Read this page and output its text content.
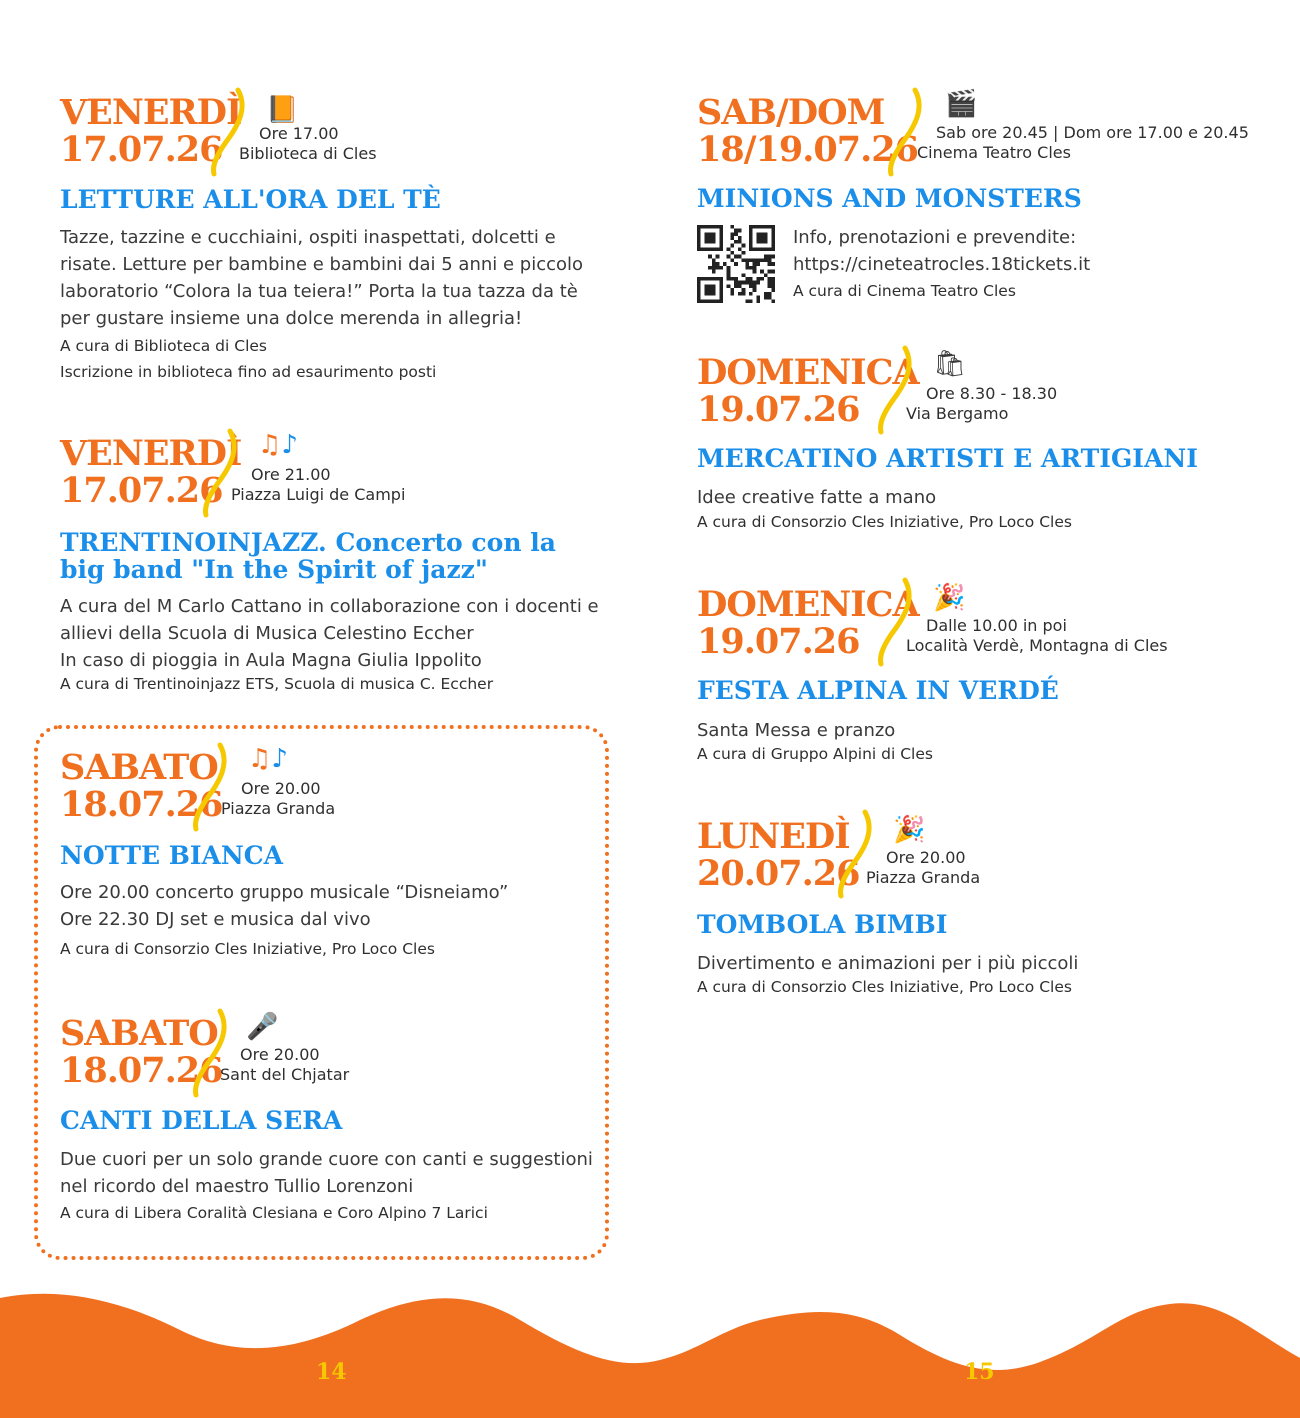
VENERDÌ
17.07.26
📙
Ore 17.00
Biblioteca di Cles
LETTURE ALL'ORA DEL TÈ
Tazze, tazzine e cucchiaini, ospiti inaspettati, dolcetti e risate. Letture per bambine e bambini dai 5 anni e piccolo laboratorio “Colora la tua teiera!” Porta la tua tazza da tè per gustare insieme una dolce merenda in allegria!
A cura di Biblioteca di Cles
Iscrizione in biblioteca fino ad esaurimento posti
VENERDÌ
17.07.26
♫♪
Ore 21.00
Piazza Luigi de Campi
TRENTINOINJAZZ. Concerto con la big band "In the Spirit of jazz"
A cura del M Carlo Cattano in collaborazione con i docenti e allievi della Scuola di Musica Celestino Eccher
In caso di pioggia in Aula Magna Giulia Ippolito
A cura di Trentinoinjazz ETS, Scuola di musica C. Eccher
SABATO
18.07.26
♫♪
Ore 20.00
Piazza Granda
NOTTE BIANCA
Ore 20.00 concerto gruppo musicale “Disneiamo”
Ore 22.30 DJ set e musica dal vivo
A cura di Consorzio Cles Iniziative, Pro Loco Cles
SABATO
18.07.26
🎤
Ore 20.00
Sant del Chjatar
CANTI DELLA SERA
Due cuori per un solo grande cuore con canti e suggestioni nel ricordo del maestro Tullio Lorenzoni
A cura di Libera Coralità Clesiana e Coro Alpino 7 Larici
SAB/DOM
18/19.07.26
🎬
Sab ore 20.45 | Dom ore 17.00 e 20.45
Cinema Teatro Cles
MINIONS AND MONSTERS
Info, prenotazioni e prevendite:
https://cineteatrocles.18tickets.it
A cura di Cinema Teatro Cles
DOMENICA
19.07.26
🛍
Ore 8.30 - 18.30
Via Bergamo
MERCATINO ARTISTI E ARTIGIANI
Idee creative fatte a mano
A cura di Consorzio Cles Iniziative, Pro Loco Cles
DOMENICA
19.07.26
🎉
Dalle 10.00 in poi
Località Verdè, Montagna di Cles
FESTA ALPINA IN VERDÉ
Santa Messa e pranzo
A cura di Gruppo Alpini di Cles
LUNEDÌ
20.07.26
🎉
Ore 20.00
Piazza Granda
TOMBOLA BIMBI
Divertimento e animazioni per i più piccoli
A cura di Consorzio Cles Iniziative, Pro Loco Cles
14	15
